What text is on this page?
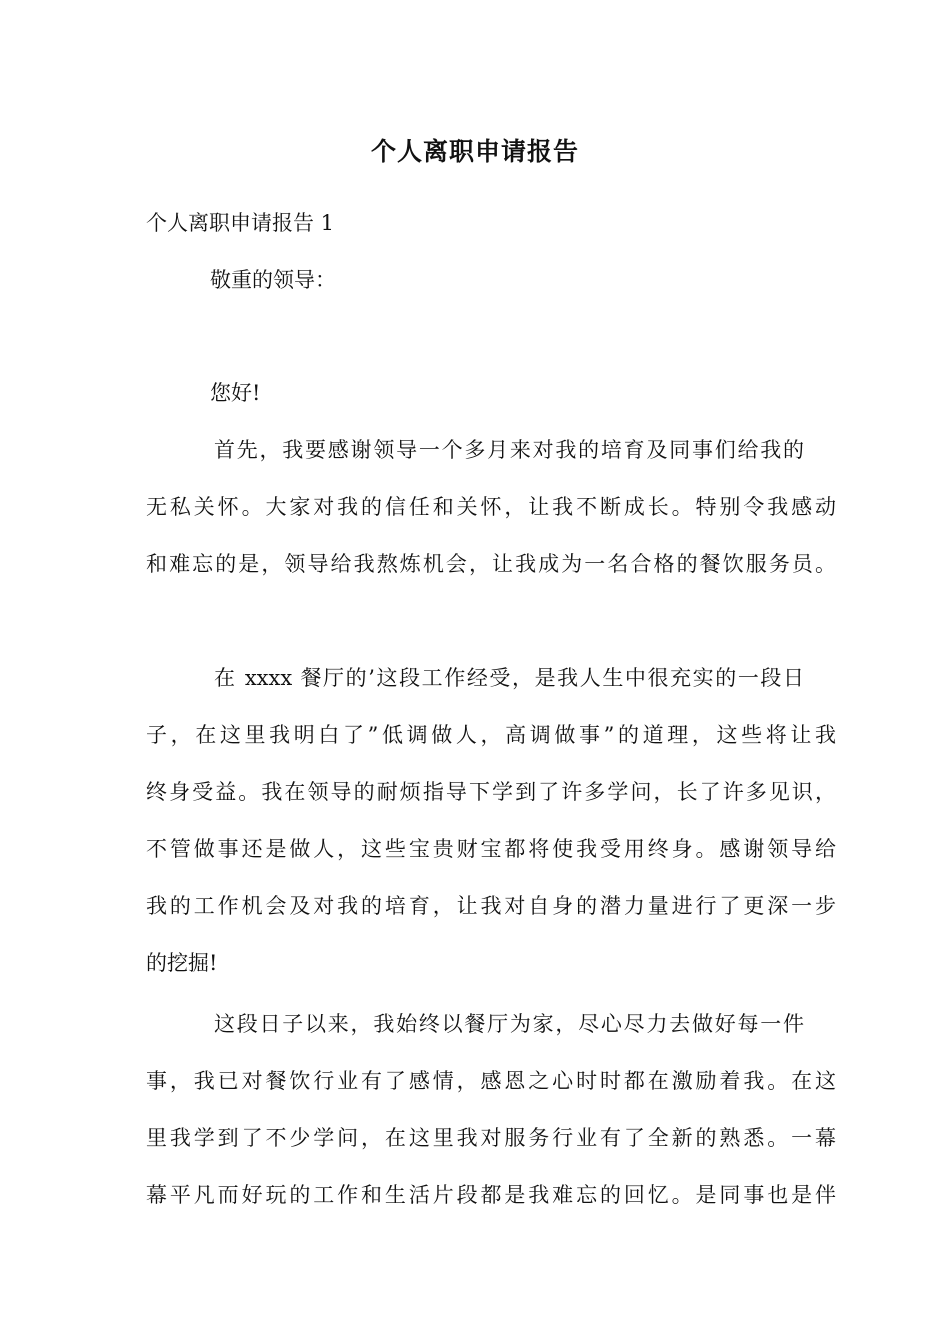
个人离职申请报告

个人离职申请报告 1

敬重的领导：

您好!

首先，我要感谢领导一个多月来对我的培育及同事们给我的

无私关怀。大家对我的信任和关怀，让我不断成长。特别令我感动

和难忘的是，领导给我熬炼机会，让我成为一名合格的餐饮服务员。

在 xxxx 餐厅的’这段工作经受，是我人生中很充实的一段日

子，在这里我明白了”低调做人，高调做事”的道理，这些将让我

终身受益。我在领导的耐烦指导下学到了许多学问，长了许多见识，

不管做事还是做人，这些宝贵财宝都将使我受用终身。感谢领导给

我的工作机会及对我的培育，让我对自身的潜力量进行了更深一步

的挖掘!

这段日子以来，我始终以餐厅为家，尽心尽力去做好每一件

事，我已对餐饮行业有了感情，感恩之心时时都在激励着我。在这

里我学到了不少学问，在这里我对服务行业有了全新的熟悉。一幕

幕平凡而好玩的工作和生活片段都是我难忘的回忆。是同事也是伴
